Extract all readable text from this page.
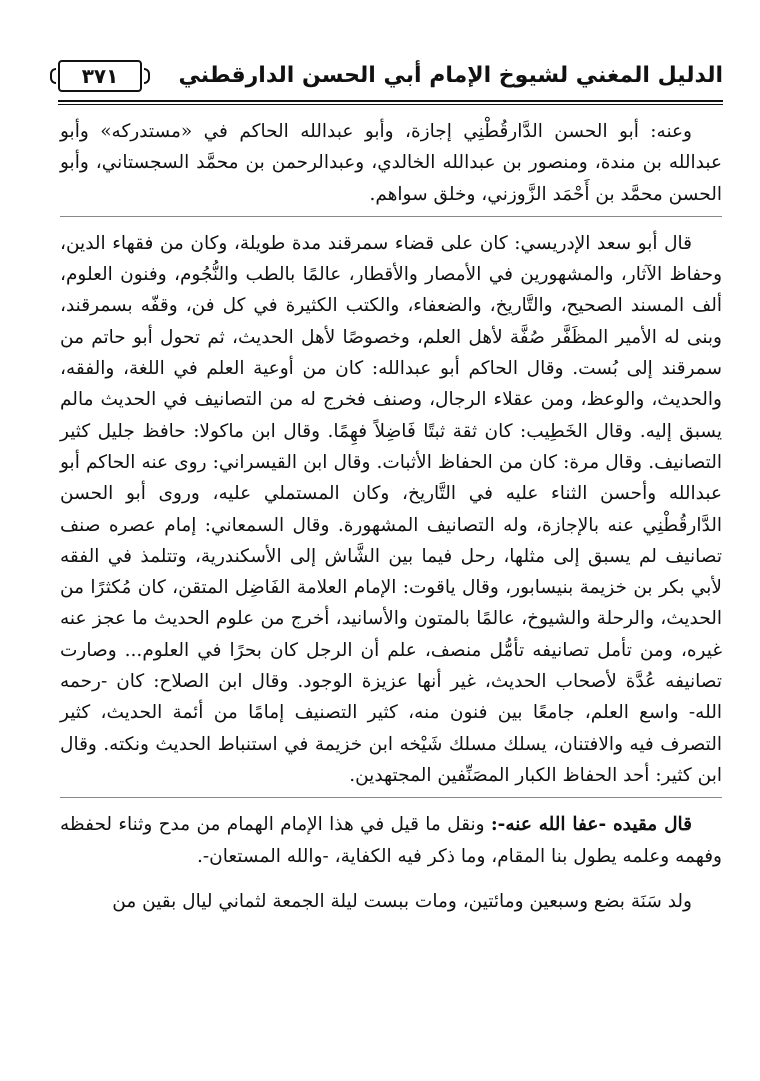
٣٧١	الدليل المغني لشيوخ الإمام أبي الحسن الدارقطني

وعنه: أبو الحسن الدَّارقُطْنِي إجازة، وأبو عبدالله الحاكم في «مستدركه» وأبو عبدالله بن مندة، ومنصور بن عبدالله الخالدي، وعبدالرحمن بن محمَّد السجستاني، وأبو الحسن محمَّد بن أَحْمَد الزَّوزني، وخلق سواهم.

قال أبو سعد الإدريسي: كان على قضاء سمرقند مدة طويلة، وكان من فقهاء الدين، وحفاظ الآثار، والمشهورين في الأمصار والأقطار، عالمًا بالطب والنُّجُوم، وفنون العلوم، ألف المسند الصحيح، والتَّاريخ، والضعفاء، والكتب الكثيرة في كل فن، وقفّه بسمرقند، وبنى له الأمير المظَفَّر صُفَّة لأهل العلم، وخصوصًا لأهل الحديث، ثم تحول أبو حاتم من سمرقند إلى بُست. وقال الحاكم أبو عبدالله: كان من أوعية العلم في اللغة، والفقه، والحديث، والوعظ، ومن عقلاء الرجال، وصنف فخرج له من التصانيف في الحديث مالم يسبق إليه. وقال الخَطِيب: كان ثقة ثبتًا فَاضِلاً فهِمًا. وقال ابن ماكولا: حافظ جليل كثير التصانيف. وقال مرة: كان من الحفاظ الأثبات. وقال ابن القيسراني: روى عنه الحاكم أبو عبدالله وأحسن الثناء عليه في التَّاريخ، وكان المستملي عليه، وروى أبو الحسن الدَّارقُطْنِي عنه بالإجازة، وله التصانيف المشهورة. وقال السمعاني: إمام عصره صنف تصانيف لم يسبق إلى مثلها، رحل فيما بين الشَّاش إلى الأسكندرية، وتتلمذ في الفقه لأبي بكر بن خزيمة بنيسابور، وقال ياقوت: الإمام العلامة الفَاضِل المتقن، كان مُكثرًا من الحديث، والرحلة والشيوخ، عالمًا بالمتون والأسانيد، أخرج من علوم الحديث ما عجز عنه غيره، ومن تأمل تصانيفه تأمُّل منصف، علم أن الرجل كان بحرًا في العلوم... وصارت تصانيفه عُدَّة لأصحاب الحديث، غير أنها عزيزة الوجود. وقال ابن الصلاح: كان -رحمه الله- واسع العلم، جامعًا بين فنون منه، كثير التصنيف إمامًا من أئمة الحديث، كثير التصرف فيه والافتنان، يسلك مسلك شَيْخه ابن خزيمة في استنباط الحديث ونكته. وقال ابن كثير: أحد الحفاظ الكبار المصَنِّفين المجتهدين.

قال مقيده -عفا الله عنه-: ونقل ما قيل في هذا الإمام الهمام من مدح وثناء لحفظه وفهمه وعلمه يطول بنا المقام، وما ذكر فيه الكفاية، -والله المستعان-.

ولد سَنَة بضع وسبعين ومائتين، ومات ببست ليلة الجمعة لثماني ليال بقين من
